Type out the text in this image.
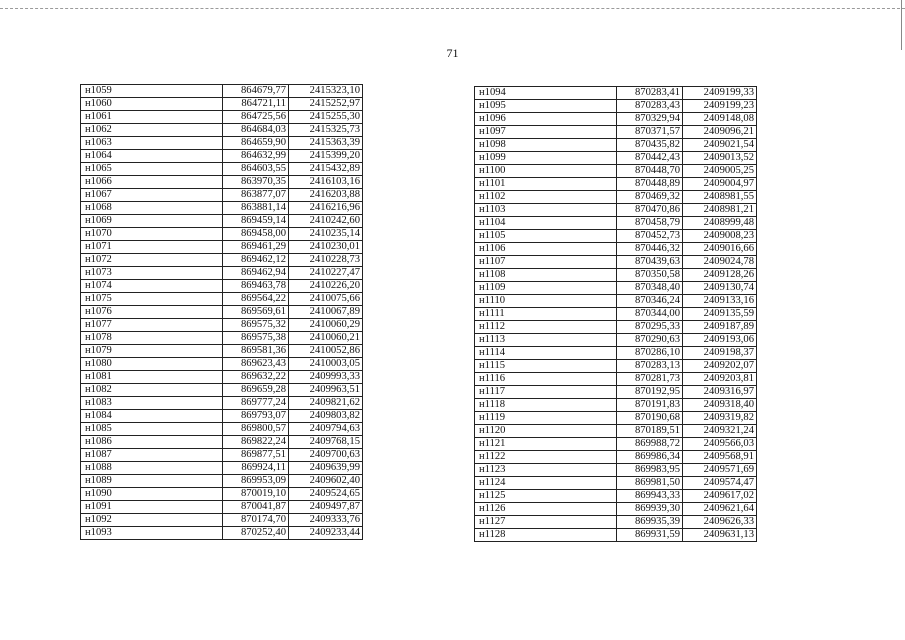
71
н1059	864679,77	2415323,10
н1060	864721,11	2415252,97
н1061	864725,56	2415255,30
н1062	864684,03	2415325,73
н1063	864659,90	2415363,39
н1064	864632,99	2415399,20
н1065	864603,55	2415432,89
н1066	863970,35	2416103,16
н1067	863877,07	2416203,88
н1068	863881,14	2416216,96
н1069	869459,14	2410242,60
н1070	869458,00	2410235,14
н1071	869461,29	2410230,01
н1072	869462,12	2410228,73
н1073	869462,94	2410227,47
н1074	869463,78	2410226,20
н1075	869564,22	2410075,66
н1076	869569,61	2410067,89
н1077	869575,32	2410060,29
н1078	869575,38	2410060,21
н1079	869581,36	2410052,86
н1080	869623,43	2410003,05
н1081	869632,22	2409993,33
н1082	869659,28	2409963,51
н1083	869777,24	2409821,62
н1084	869793,07	2409803,82
н1085	869800,57	2409794,63
н1086	869822,24	2409768,15
н1087	869877,51	2409700,63
н1088	869924,11	2409639,99
н1089	869953,09	2409602,40
н1090	870019,10	2409524,65
н1091	870041,87	2409497,87
н1092	870174,70	2409333,76
н1093	870252,40	2409233,44
н1094	870283,41	2409199,33
н1095	870283,43	2409199,23
н1096	870329,94	2409148,08
н1097	870371,57	2409096,21
н1098	870435,82	2409021,54
н1099	870442,43	2409013,52
н1100	870448,70	2409005,25
н1101	870448,89	2409004,97
н1102	870469,32	2408981,55
н1103	870470,86	2408981,21
н1104	870458,79	2408999,48
н1105	870452,73	2409008,23
н1106	870446,32	2409016,66
н1107	870439,63	2409024,78
н1108	870350,58	2409128,26
н1109	870348,40	2409130,74
н1110	870346,24	2409133,16
н1111	870344,00	2409135,59
н1112	870295,33	2409187,89
н1113	870290,63	2409193,06
н1114	870286,10	2409198,37
н1115	870283,13	2409202,07
н1116	870281,73	2409203,81
н1117	870192,95	2409316,97
н1118	870191,83	2409318,40
н1119	870190,68	2409319,82
н1120	870189,51	2409321,24
н1121	869988,72	2409566,03
н1122	869986,34	2409568,91
н1123	869983,95	2409571,69
н1124	869981,50	2409574,47
н1125	869943,33	2409617,02
н1126	869939,30	2409621,64
н1127	869935,39	2409626,33
н1128	869931,59	2409631,13
